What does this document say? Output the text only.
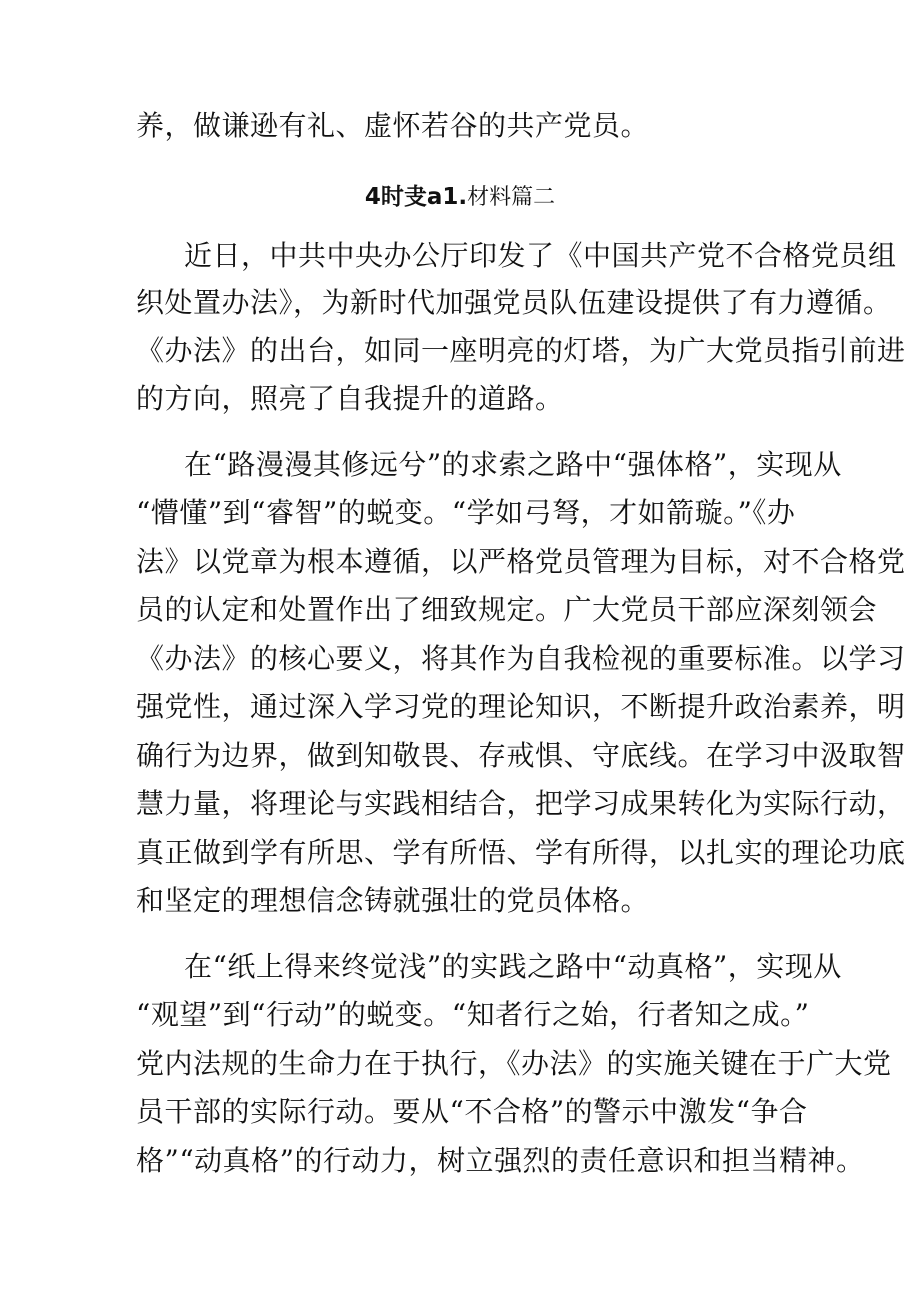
养，做谦逊有礼、虚怀若谷的共产党员。
4时叏a1.材料篇二
近日，中共中央办公厅印发了《中国共产党不合格党员组
织处置办法》，为新时代加强党员队伍建设提供了有力遵循。
《办法》的出台，如同一座明亮的灯塔，为广大党员指引前进
的方向，照亮了自我提升的道路。
在“路漫漫其修远兮”的求索之路中“强体格”，实现从
“懵懂”到“睿智”的蜕变。“学如弓弩，才如箭璇。”《办
法》以党章为根本遵循，以严格党员管理为目标，对不合格党
员的认定和处置作出了细致规定。广大党员干部应深刻领会
《办法》的核心要义，将其作为自我检视的重要标准。以学习
强党性，通过深入学习党的理论知识，不断提升政治素养，明
确行为边界，做到知敬畏、存戒惧、守底线。在学习中汲取智
慧力量，将理论与实践相结合，把学习成果转化为实际行动，
真正做到学有所思、学有所悟、学有所得，以扎实的理论功底
和坚定的理想信念铸就强壮的党员体格。
在“纸上得来终觉浅”的实践之路中“动真格”，实现从
“观望”到“行动”的蜕变。“知者行之始，行者知之成。”
党内法规的生命力在于执行，《办法》的实施关键在于广大党
员干部的实际行动。要从“不合格”的警示中激发“争合
格”“动真格”的行动力，树立强烈的责任意识和担当精神。
